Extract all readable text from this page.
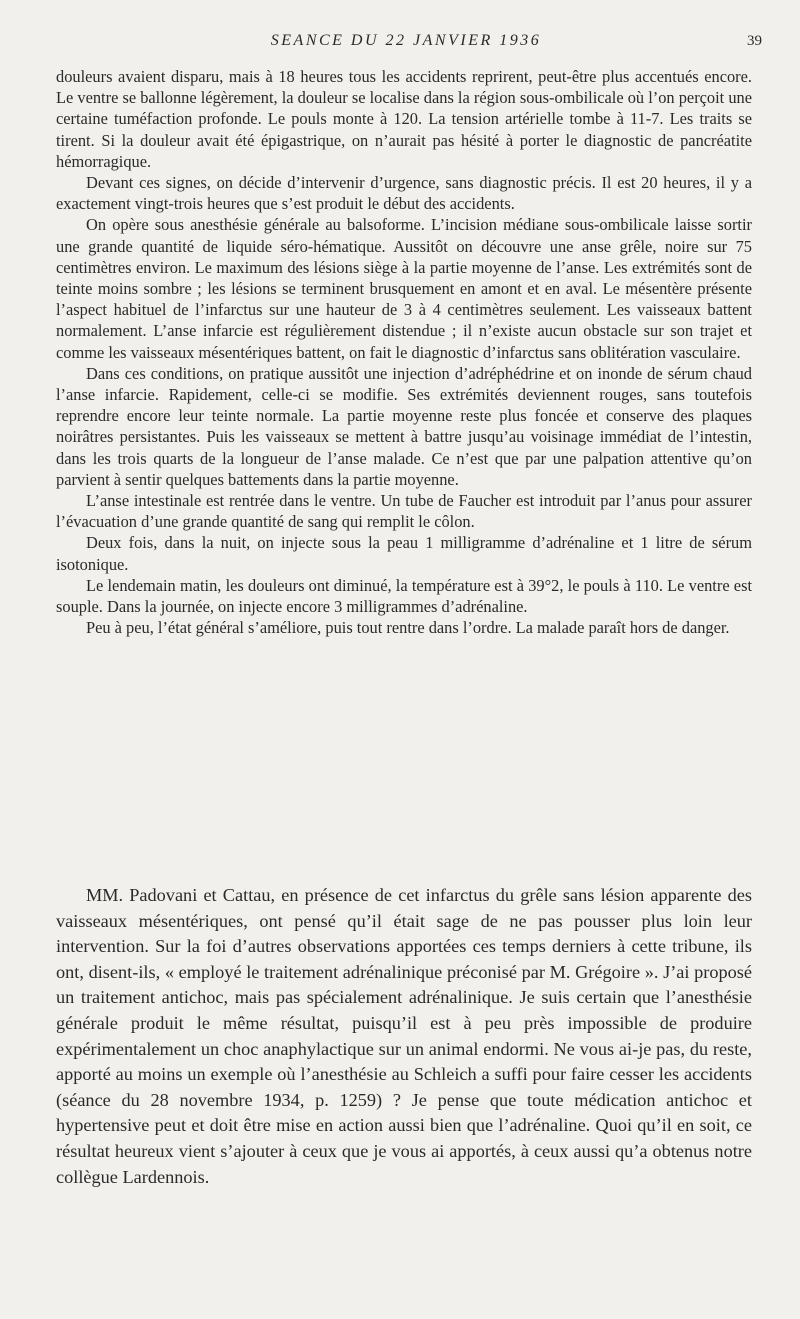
SEANCE DU 22 JANVIER 1936	39

douleurs avaient disparu, mais à 18 heures tous les accidents reprirent, peut-être plus accentués encore. Le ventre se ballonne légèrement, la douleur se localise dans la région sous-ombilicale où l’on perçoit une certaine tuméfaction profonde. Le pouls monte à 120. La tension artérielle tombe à 11-7. Les traits se tirent. Si la douleur avait été épigastrique, on n’aurait pas hésité à porter le diagnostic de pancréatite hémorragique.

Devant ces signes, on décide d’intervenir d’urgence, sans diagnostic précis. Il est 20 heures, il y a exactement vingt-trois heures que s’est produit le début des accidents.

On opère sous anesthésie générale au balsoforme. L’incision médiane sous-ombilicale laisse sortir une grande quantité de liquide séro-hématique. Aussitôt on découvre une anse grêle, noire sur 75 centimètres environ. Le maximum des lésions siège à la partie moyenne de l’anse. Les extrémités sont de teinte moins sombre ; les lésions se terminent brusquement en amont et en aval. Le mésentère présente l’aspect habituel de l’infarctus sur une hauteur de 3 à 4 centimètres seulement. Les vaisseaux battent normalement. L’anse infarcie est régulièrement distendue ; il n’existe aucun obstacle sur son trajet et comme les vaisseaux mésentériques battent, on fait le diagnostic d’infarctus sans oblitération vasculaire.

Dans ces conditions, on pratique aussitôt une injection d’adréphédrine et on inonde de sérum chaud l’anse infarcie. Rapidement, celle-ci se modifie. Ses extrémités deviennent rouges, sans toutefois reprendre encore leur teinte normale. La partie moyenne reste plus foncée et conserve des plaques noirâtres persistantes. Puis les vaisseaux se mettent à battre jusqu’au voisinage immédiat de l’intestin, dans les trois quarts de la longueur de l’anse malade. Ce n’est que par une palpation attentive qu’on parvient à sentir quelques battements dans la partie moyenne.

L’anse intestinale est rentrée dans le ventre. Un tube de Faucher est introduit par l’anus pour assurer l’évacuation d’une grande quantité de sang qui remplit le côlon.

Deux fois, dans la nuit, on injecte sous la peau 1 milligramme d’adrénaline et 1 litre de sérum isotonique.

Le lendemain matin, les douleurs ont diminué, la température est à 39°2, le pouls à 110. Le ventre est souple. Dans la journée, on injecte encore 3 milligrammes d’adrénaline.

Peu à peu, l’état général s’améliore, puis tout rentre dans l’ordre. La malade paraît hors de danger.

MM. Padovani et Cattau, en présence de cet infarctus du grêle sans lésion apparente des vaisseaux mésentériques, ont pensé qu’il était sage de ne pas pousser plus loin leur intervention. Sur la foi d’autres observations apportées ces temps derniers à cette tribune, ils ont, disent-ils, « employé le traitement adrénalinique préconisé par M. Grégoire ». J’ai proposé un traitement antichoc, mais pas spécialement adrénalinique. Je suis certain que l’anesthésie générale produit le même résultat, puisqu’il est à peu près impossible de produire expérimentalement un choc anaphylactique sur un animal endormi. Ne vous ai-je pas, du reste, apporté au moins un exemple où l’anesthésie au Schleich a suffi pour faire cesser les accidents (séance du 28 novembre 1934, p. 1259) ? Je pense que toute médication antichoc et hypertensive peut et doit être mise en action aussi bien que l’adrénaline. Quoi qu’il en soit, ce résultat heureux vient s’ajouter à ceux que je vous ai apportés, à ceux aussi qu’a obtenus notre collègue Lardennois.
